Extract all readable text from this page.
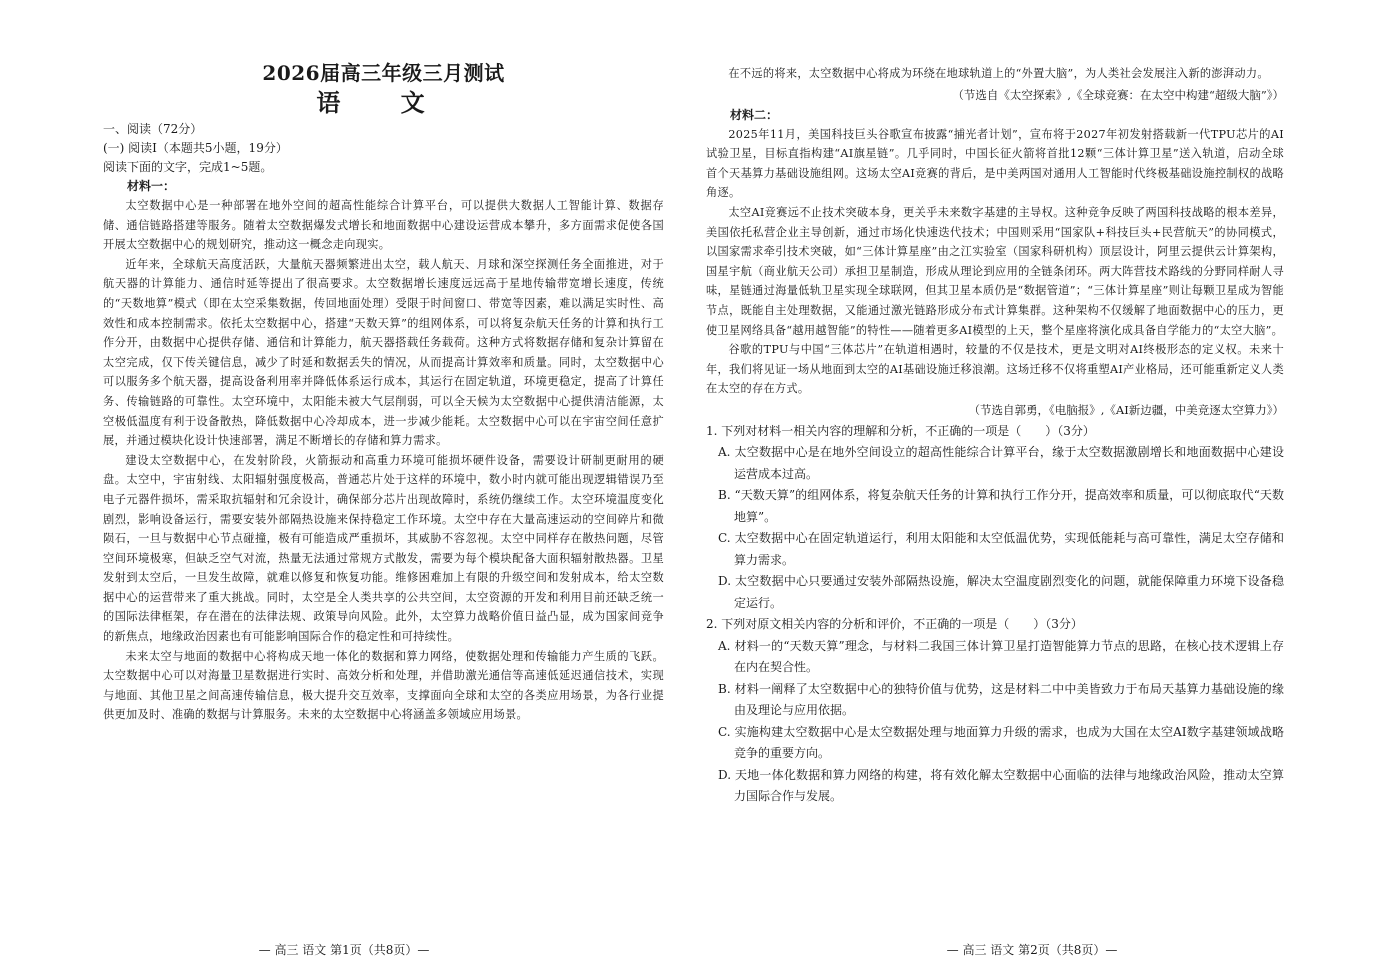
2026届高三年级三月测试
语 文

一、阅读（72分）

(一) 阅读Ⅰ（本题共5小题，19分）

阅读下面的文字，完成1~5题。

材料一：

太空数据中心是一种部署在地外空间的超高性能综合计算平台，可以提供大数据人工智能计算、数据存储、通信链路搭建等服务。随着太空数据爆发式增长和地面数据中心建设运营成本攀升，多方面需求促使各国开展太空数据中心的规划研究，推动这一概念走向现实。

近年来，全球航天高度活跃，大量航天器频繁进出太空，载人航天、月球和深空探测任务全面推进，对于航天器的计算能力、通信时延等提出了很高要求。太空数据增长速度远远高于星地传输带宽增长速度，传统的“天数地算”模式（即在太空采集数据，传回地面处理）受限于时间窗口、带宽等因素，难以满足实时性、高效性和成本控制需求。依托太空数据中心，搭建“天数天算”的组网体系，可以将复杂航天任务的计算和执行工作分开，由数据中心提供存储、通信和计算能力，航天器搭载任务载荷。这种方式将数据存储和复杂计算留在太空完成，仅下传关键信息，减少了时延和数据丢失的情况，从而提高计算效率和质量。同时，太空数据中心可以服务多个航天器，提高设备利用率并降低体系运行成本，其运行在固定轨道，环境更稳定，提高了计算任务、传输链路的可靠性。太空环境中，太阳能未被大气层削弱，可以全天候为太空数据中心提供清洁能源，太空极低温度有利于设备散热，降低数据中心冷却成本，进一步减少能耗。太空数据中心可以在宇宙空间任意扩展，并通过模块化设计快速部署，满足不断增长的存储和算力需求。

建设太空数据中心，在发射阶段，火箭振动和高重力环境可能损坏硬件设备，需要设计研制更耐用的硬盘。太空中，宇宙射线、太阳辐射强度极高，普通芯片处于这样的环境中，数小时内就可能出现逻辑错误乃至电子元器件损坏，需采取抗辐射和冗余设计，确保部分芯片出现故障时，系统仍继续工作。太空环境温度变化剧烈，影响设备运行，需要安装外部隔热设施来保持稳定工作环境。太空中存在大量高速运动的空间碎片和微陨石，一旦与数据中心节点碰撞，极有可能造成严重损坏，其威胁不容忽视。太空中同样存在散热问题，尽管空间环境极寒，但缺乏空气对流，热量无法通过常规方式散发，需要为每个模块配备大面积辐射散热器。卫星发射到太空后，一旦发生故障，就难以修复和恢复功能。维修困难加上有限的升级空间和发射成本，给太空数据中心的运营带来了重大挑战。同时，太空是全人类共享的公共空间，太空资源的开发和利用目前还缺乏统一的国际法律框架，存在潜在的法律法规、政策导向风险。此外，太空算力战略价值日益凸显，成为国家间竞争的新焦点，地缘政治因素也有可能影响国际合作的稳定性和可持续性。

未来太空与地面的数据中心将构成天地一体化的数据和算力网络，使数据处理和传输能力产生质的飞跃。太空数据中心可以对海量卫星数据进行实时、高效分析和处理，并借助激光通信等高速低延迟通信技术，实现与地面、其他卫星之间高速传输信息，极大提升交互效率，支撑面向全球和太空的各类应用场景，为各行业提供更加及时、准确的数据与计算服务。未来的太空数据中心将涵盖多领域应用场景。

— 高三 语文 第1页（共8页）—

在不远的将来，太空数据中心将成为环绕在地球轨道上的“外置大脑”，为人类社会发展注入新的澎湃动力。

（节选自《太空探索》,《全球竞赛：在太空中构建“超级大脑”》）

材料二：

2025年11月，美国科技巨头谷歌宣布披露“捕光者计划”，宣布将于2027年初发射搭载新一代TPU芯片的AI试验卫星，目标直指构建“AI旗星链”。几乎同时，中国长征火箭将首批12颗“三体计算卫星”送入轨道，启动全球首个天基算力基础设施组网。这场太空AI竞赛的背后，是中美两国对通用人工智能时代终极基础设施控制权的战略角逐。

太空AI竞赛远不止技术突破本身，更关乎未来数字基建的主导权。这种竞争反映了两国科技战略的根本差异，美国依托私营企业主导创新，通过市场化快速迭代技术；中国则采用“国家队+科技巨头+民营航天”的协同模式，以国家需求牵引技术突破，如“三体计算星座”由之江实验室（国家科研机构）顶层设计，阿里云提供云计算架构，国星宇航（商业航天公司）承担卫星制造，形成从理论到应用的全链条闭环。两大阵营技术路线的分野同样耐人寻味，星链通过海量低轨卫星实现全球联网，但其卫星本质仍是“数据管道”；“三体计算星座”则让每颗卫星成为智能节点，既能自主处理数据，又能通过激光链路形成分布式计算集群。这种架构不仅缓解了地面数据中心的压力，更使卫星网络具备“越用越智能”的特性——随着更多AI模型的上天，整个星座将演化成具备自学能力的“太空大脑”。

谷歌的TPU与中国“三体芯片”在轨道相遇时，较量的不仅是技术，更是文明对AI终极形态的定义权。未来十年，我们将见证一场从地面到太空的AI基础设施迁移浪潮。这场迁移不仅将重塑AI产业格局，还可能重新定义人类在太空的存在方式。

（节选自郭勇，《电脑报》,《AI新边疆，中美竞逐太空算力》）

1. 下列对材料一相关内容的理解和分析，不正确的一项是（　　）（3分）

A. 太空数据中心是在地外空间设立的超高性能综合计算平台，缘于太空数据激剧增长和地面数据中心建设运营成本过高。

B. “天数天算”的组网体系，将复杂航天任务的计算和执行工作分开，提高效率和质量，可以彻底取代“天数地算”。

C. 太空数据中心在固定轨道运行，利用太阳能和太空低温优势，实现低能耗与高可靠性，满足太空存储和算力需求。

D. 太空数据中心只要通过安装外部隔热设施，解决太空温度剧烈变化的问题，就能保障重力环境下设备稳定运行。

2. 下列对原文相关内容的分析和评价，不正确的一项是（　　）（3分）

A. 材料一的“天数天算”理念，与材料二我国三体计算卫星打造智能算力节点的思路，在核心技术逻辑上存在内在契合性。

B. 材料一阐释了太空数据中心的独特价值与优势，这是材料二中中美皆致力于布局天基算力基础设施的缘由及理论与应用依据。

C. 实施构建太空数据中心是太空数据处理与地面算力升级的需求，也成为大国在太空AI数字基建领域战略竞争的重要方向。

D. 天地一体化数据和算力网络的构建，将有效化解太空数据中心面临的法律与地缘政治风险，推动太空算力国际合作与发展。

— 高三 语文 第2页（共8页）—
